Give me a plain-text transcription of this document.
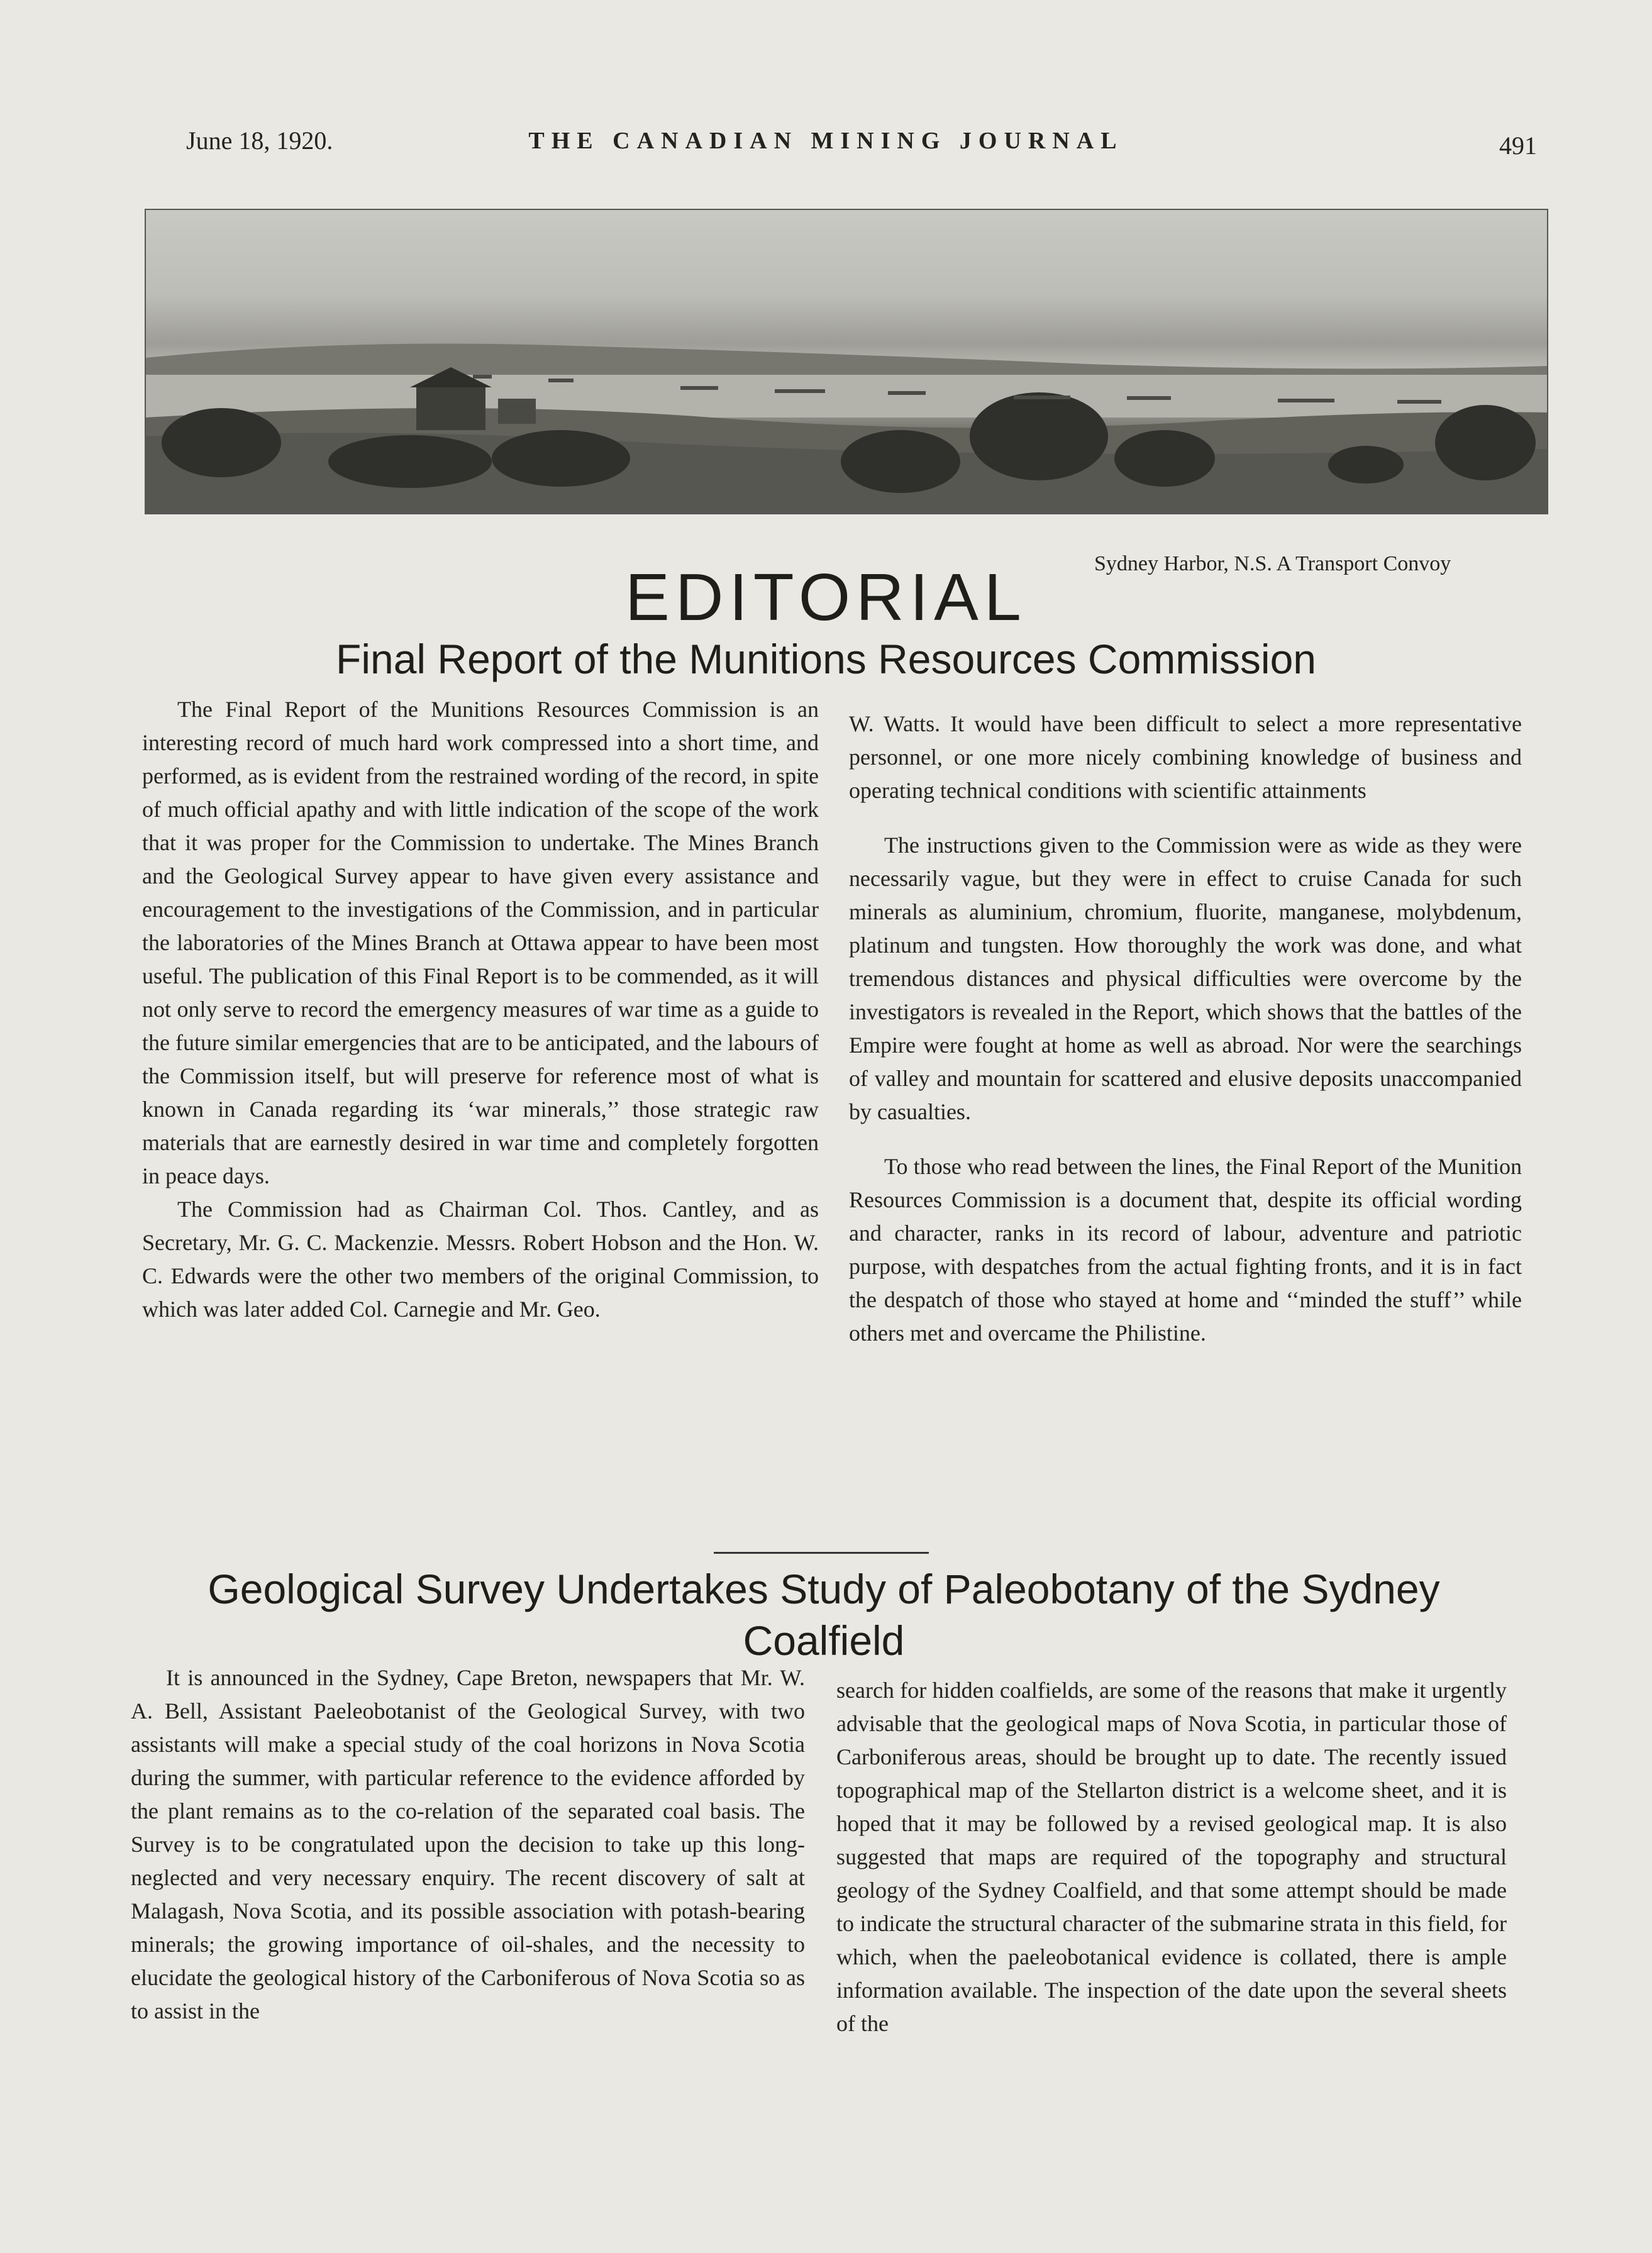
June 18, 1920.	THE CANADIAN MINING JOURNAL	491
Sydney Harbor, N.S. A Transport Convoy
EDITORIAL
Final Report of the Munitions Resources Commission

The Final Report of the Munitions Resources Commission is an interesting record of much hard work compressed into a short time, and performed, as is evident from the restrained wording of the record, in spite of much official apathy and with little indication of the scope of the work that it was proper for the Commission to undertake. The Mines Branch and the Geological Survey appear to have given every assistance and encouragement to the investigations of the Commission, and in particular the laboratories of the Mines Branch at Ottawa appear to have been most useful. The publication of this Final Report is to be commended, as it will not only serve to record the emergency measures of war time as a guide to the future similar emergencies that are to be anticipated, and the labours of the Commission itself, but will preserve for reference most of what is known in Canada regarding its ‘war minerals,’’ those strategic raw materials that are earnestly desired in war time and completely forgotten in peace days.

The Commission had as Chairman Col. Thos. Cantley, and as Secretary, Mr. G. C. Mackenzie. Messrs. Robert Hobson and the Hon. W. C. Edwards were the other two members of the original Commission, to which was later added Col. Carnegie and Mr. Geo.

W. Watts. It would have been difficult to select a more representative personnel, or one more nicely combining knowledge of business and operating technical conditions with scientific attainments

The instructions given to the Commission were as wide as they were necessarily vague, but they were in effect to cruise Canada for such minerals as aluminium, chromium, fluorite, manganese, molybdenum, platinum and tungsten. How thoroughly the work was done, and what tremendous distances and physical difficulties were overcome by the investigators is revealed in the Report, which shows that the battles of the Empire were fought at home as well as abroad. Nor were the searchings of valley and mountain for scattered and elusive deposits unaccompanied by casualties.

To those who read between the lines, the Final Report of the Munition Resources Commission is a document that, despite its official wording and character, ranks in its record of labour, adventure and patriotic purpose, with despatches from the actual fighting fronts, and it is in fact the despatch of those who stayed at home and ‘‘minded the stuff’’ while others met and overcame the Philistine.

Geological Survey Undertakes Study of Paleobotany of the Sydney Coalfield

It is announced in the Sydney, Cape Breton, newspapers that Mr. W. A. Bell, Assistant Paeleobotanist of the Geological Survey, with two assistants will make a special study of the coal horizons in Nova Scotia during the summer, with particular reference to the evidence afforded by the plant remains as to the co-relation of the separated coal basis. The Survey is to be congratulated upon the decision to take up this long-neglected and very necessary enquiry. The recent discovery of salt at Malagash, Nova Scotia, and its possible association with potash-bearing minerals; the growing importance of oil-shales, and the necessity to elucidate the geological history of the Carboniferous of Nova Scotia so as to assist in the

search for hidden coalfields, are some of the reasons that make it urgently advisable that the geological maps of Nova Scotia, in particular those of Carboniferous areas, should be brought up to date. The recently issued topographical map of the Stellarton district is a welcome sheet, and it is hoped that it may be followed by a revised geological map. It is also suggested that maps are required of the topography and structural geology of the Sydney Coalfield, and that some attempt should be made to indicate the structural character of the submarine strata in this field, for which, when the paeleobotanical evidence is collated, there is ample information available. The inspection of the date upon the several sheets of the
